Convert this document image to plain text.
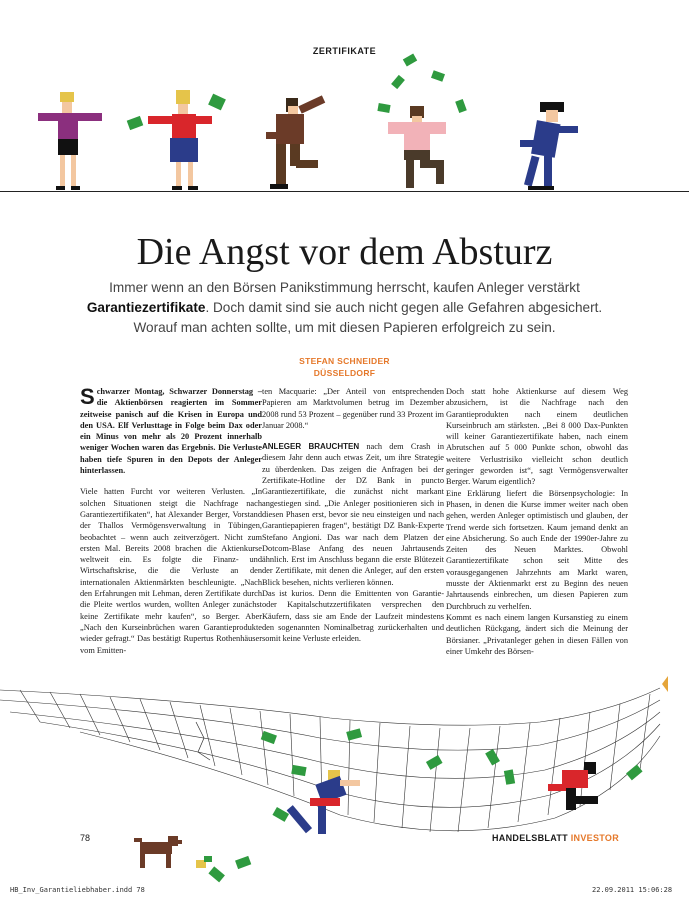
ZERTIFIKATE
Die Angst vor dem Absturz
Immer wenn an den Börsen Panikstimmung herrscht, kaufen Anleger verstärkt Garantiezertifikate. Doch damit sind sie auch nicht gegen alle Gefahren abgesichert. Worauf man achten sollte, um mit diesen Papieren erfolgreich zu sein.
STEFAN SCHNEIDER
DÜSSELDORF

Schwarzer Montag, Schwarzer Donnerstag – die Aktienbörsen reagierten im Sommer zeitweise panisch auf die Krisen in Europa und den USA. Elf Verlusttage in Folge beim Dax oder ein Minus von mehr als 20 Prozent innerhalb weniger Wochen waren das Ergebnis. Die Verluste haben tiefe Spuren in den Depots der Anleger hinterlassen.

Viele hatten Furcht vor weiteren Verlusten. „In solchen Situationen steigt die Nachfrage nach Garantiezertifikaten“, hat Alexander Berger, Vorstand der Thallos Vermögensverwaltung in Tübingen, beobachtet – wenn auch zeitverzögert. Nicht zum ersten Mal. Bereits 2008 brachen die Aktienkurse weltweit ein. Es folgte die Finanz- und Wirtschaftskrise, die die Verluste an den internationalen Aktienmärkten beschleunigte. „Nach den Erfahrungen mit Lehman, deren Zertifikate durch die Pleite wertlos wurden, wollten Anleger zunächst keine Zertifikate mehr kaufen“, so Berger. Aber „Nach den Kurseinbrüchen waren Garantieprodukte wieder gefragt.“ Das bestätigt Rupertus Rothenhäuser vom Emitten-

ten Macquarie: „Der Anteil von entsprechenden Papieren am Marktvolumen betrug im Dezember 2008 rund 53 Prozent – gegenüber rund 33 Prozent im Januar 2008.“

ANLEGER BRAUCHTEN nach dem Crash in diesem Jahr denn auch etwas Zeit, um ihre Strategie zu überdenken. Das zeigen die Anfragen bei der Zertifikate-Hotline der DZ Bank in puncto Garantiezertifikate, die zunächst nicht markant angestiegen sind. „Die Anleger positionieren sich in diesen Phasen erst, bevor sie neu einsteigen und nach Garantiepapieren fragen“, bestätigt DZ Bank-Experte Stefano Angioni. Das war nach dem Platzen der Dotcom-Blase Anfang des neuen Jahrtausends ähnlich. Erst im Anschluss begann die erste Blütezeit der Zertifikate, mit denen die Anleger, auf den ersten Blick besehen, nichts verlieren können.

Das ist kurios. Denn die Emittenten von Garantie- oder Kapitalschutzzertifikaten versprechen den Käufern, dass sie am Ende der Laufzeit mindestens den sogenannten Nominalbetrag zurückerhalten und somit keine Verluste erleiden.

Doch statt hohe Aktienkurse auf diesem Weg abzusichern, ist die Nachfrage nach den Garantieprodukten nach einem deutlichen Kurseinbruch am stärksten. „Bei 8 000 Dax-Punkten will keiner Garantiezertifikate haben, nach einem Abrutschen auf 5 000 Punkte schon, obwohl das weitere Verlustrisiko vielleicht schon deutlich geringer geworden ist“, sagt Vermögensverwalter Berger. Warum eigentlich?

Eine Erklärung liefert die Börsenpsychologie: In Phasen, in denen die Kurse immer weiter nach oben gehen, werden Anleger optimistisch und glauben, der Trend werde sich fortsetzen. Kaum jemand denkt an eine Absicherung. So auch Ende der 1990er-Jahre zu Zeiten des Neuen Marktes. Obwohl Garantiezertifikate schon seit Mitte des vorausgegangenen Jahrzehnts am Markt waren, musste der Aktienmarkt erst zu Beginn des neuen Jahrtausends einbrechen, um diesen Papieren zum Durchbruch zu verhelfen.

Kommt es nach einem langen Kursanstieg zu einem deutlichen Rückgang, ändert sich die Meinung der Börsianer. „Privatanleger gehen in diesen Fällen von einer Umkehr des Börsen-

78	HANDELSBLATT INVESTOR
HB_Inv_Garantieliebhaber.indd 78	22.09.2011 15:06:28
